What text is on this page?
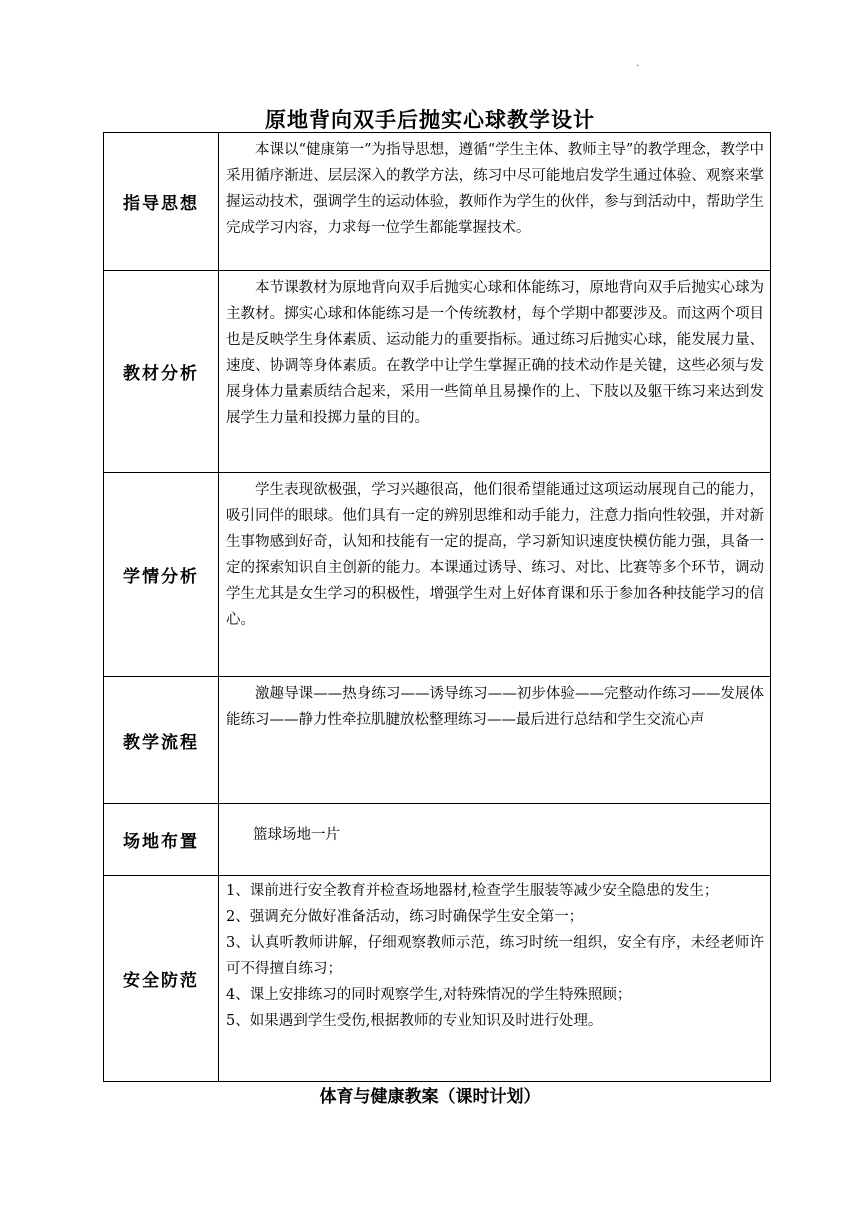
.
原地背向双手后抛实心球教学设计
指导思想	本课以“健康第一”为指导思想，遵循“学生主体、教师主导”的教学理念，教学中采用循序渐进、层层深入的教学方法，练习中尽可能地启发学生通过体验、观察来掌握运动技术，强调学生的运动体验，教师作为学生的伙伴，参与到活动中，帮助学生完成学习内容，力求每一位学生都能掌握技术。

教材分析	本节课教材为原地背向双手后抛实心球和体能练习，原地背向双手后抛实心球为主教材。掷实心球和体能练习是一个传统教材，每个学期中都要涉及。而这两个项目也是反映学生身体素质、运动能力的重要指标。通过练习后抛实心球，能发展力量、速度、协调等身体素质。在教学中让学生掌握正确的技术动作是关键，这些必须与发展身体力量素质结合起来，采用一些简单且易操作的上、下肢以及躯干练习来达到发展学生力量和投掷力量的目的。

学情分析	学生表现欲极强，学习兴趣很高，他们很希望能通过这项运动展现自己的能力，吸引同伴的眼球。他们具有一定的辨别思维和动手能力，注意力指向性较强，并对新生事物感到好奇，认知和技能有一定的提高，学习新知识速度快模仿能力强，具备一定的探索知识自主创新的能力。本课通过诱导、练习、对比、比赛等多个环节，调动学生尤其是女生学习的积极性，增强学生对上好体育课和乐于参加各种技能学习的信心。

教学流程	激趣导课——热身练习——诱导练习——初步体验——完整动作练习——发展体能练习——静力性牵拉肌腱放松整理练习——最后进行总结和学生交流心声

场地布置	篮球场地一片

安全防范	1、课前进行安全教育并检查场地器材,检查学生服装等减少安全隐患的发生；
2、强调充分做好准备活动，练习时确保学生安全第一；
3、认真听教师讲解，仔细观察教师示范，练习时统一组织，安全有序，未经老师许可不得擅自练习；
4、课上安排练习的同时观察学生,对特殊情况的学生特殊照顾；
5、如果遇到学生受伤,根据教师的专业知识及时进行处理。
体育与健康教案（课时计划）
